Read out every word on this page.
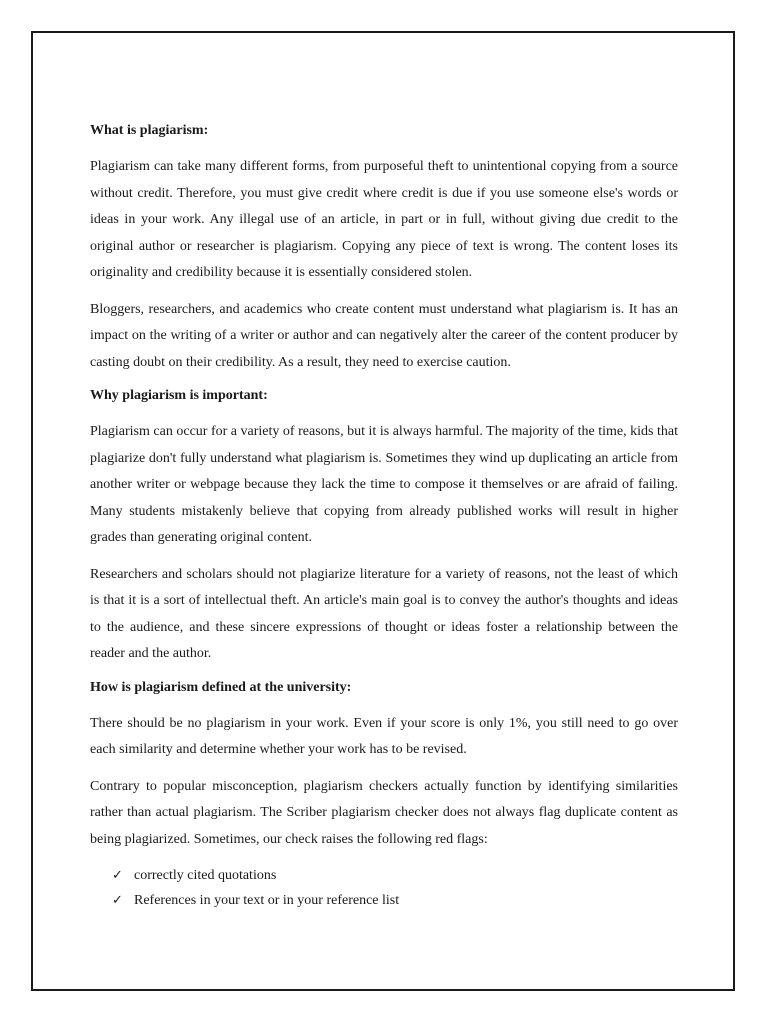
What is plagiarism:

Plagiarism can take many different forms, from purposeful theft to unintentional copying from a source without credit. Therefore, you must give credit where credit is due if you use someone else's words or ideas in your work. Any illegal use of an article, in part or in full, without giving due credit to the original author or researcher is plagiarism. Copying any piece of text is wrong. The content loses its originality and credibility because it is essentially considered stolen.

Bloggers, researchers, and academics who create content must understand what plagiarism is. It has an impact on the writing of a writer or author and can negatively alter the career of the content producer by casting doubt on their credibility. As a result, they need to exercise caution.

Why plagiarism is important:

Plagiarism can occur for a variety of reasons, but it is always harmful. The majority of the time, kids that plagiarize don't fully understand what plagiarism is. Sometimes they wind up duplicating an article from another writer or webpage because they lack the time to compose it themselves or are afraid of failing. Many students mistakenly believe that copying from already published works will result in higher grades than generating original content.

Researchers and scholars should not plagiarize literature for a variety of reasons, not the least of which is that it is a sort of intellectual theft. An article's main goal is to convey the author's thoughts and ideas to the audience, and these sincere expressions of thought or ideas foster a relationship between the reader and the author.

How is plagiarism defined at the university:

There should be no plagiarism in your work. Even if your score is only 1%, you still need to go over each similarity and determine whether your work has to be revised.

Contrary to popular misconception, plagiarism checkers actually function by identifying similarities rather than actual plagiarism. The Scriber plagiarism checker does not always flag duplicate content as being plagiarized. Sometimes, our check raises the following red flags:

✓ correctly cited quotations
✓ References in your text or in your reference list
